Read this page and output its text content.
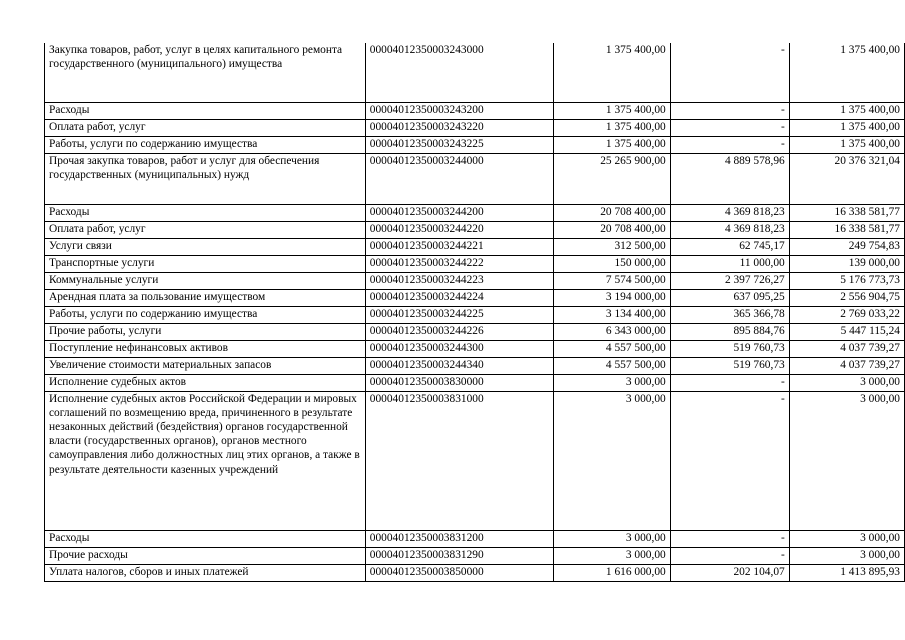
Закупка товаров, работ, услуг в целях капитального ремонта государственного (муниципального) имущества	00004012350003243000	1 375 400,00	-	1 375 400,00
Расходы	00004012350003243200	1 375 400,00	-	1 375 400,00
Оплата работ, услуг	00004012350003243220	1 375 400,00	-	1 375 400,00
Работы, услуги по содержанию имущества	00004012350003243225	1 375 400,00	-	1 375 400,00
Прочая закупка товаров, работ и услуг для обеспечения государственных (муниципальных) нужд	00004012350003244000	25 265 900,00	4 889 578,96	20 376 321,04
Расходы	00004012350003244200	20 708 400,00	4 369 818,23	16 338 581,77
Оплата работ, услуг	00004012350003244220	20 708 400,00	4 369 818,23	16 338 581,77
Услуги связи	00004012350003244221	312 500,00	62 745,17	249 754,83
Транспортные услуги	00004012350003244222	150 000,00	11 000,00	139 000,00
Коммунальные услуги	00004012350003244223	7 574 500,00	2 397 726,27	5 176 773,73
Арендная плата за пользование имуществом	00004012350003244224	3 194 000,00	637 095,25	2 556 904,75
Работы, услуги по содержанию имущества	00004012350003244225	3 134 400,00	365 366,78	2 769 033,22
Прочие работы, услуги	00004012350003244226	6 343 000,00	895 884,76	5 447 115,24
Поступление нефинансовых активов	00004012350003244300	4 557 500,00	519 760,73	4 037 739,27
Увеличение стоимости материальных запасов	00004012350003244340	4 557 500,00	519 760,73	4 037 739,27
Исполнение судебных актов	00004012350003830000	3 000,00	-	3 000,00
Исполнение судебных актов Российской Федерации и мировых соглашений по возмещению вреда, причиненного в результате незаконных действий (бездействия) органов государственной власти (государственных органов), органов местного самоуправления либо должностных лиц этих органов, а также в результате деятельности казенных учреждений	00004012350003831000	3 000,00	-	3 000,00
Расходы	00004012350003831200	3 000,00	-	3 000,00
Прочие расходы	00004012350003831290	3 000,00	-	3 000,00
Уплата налогов, сборов и иных платежей	00004012350003850000	1 616 000,00	202 104,07	1 413 895,93
